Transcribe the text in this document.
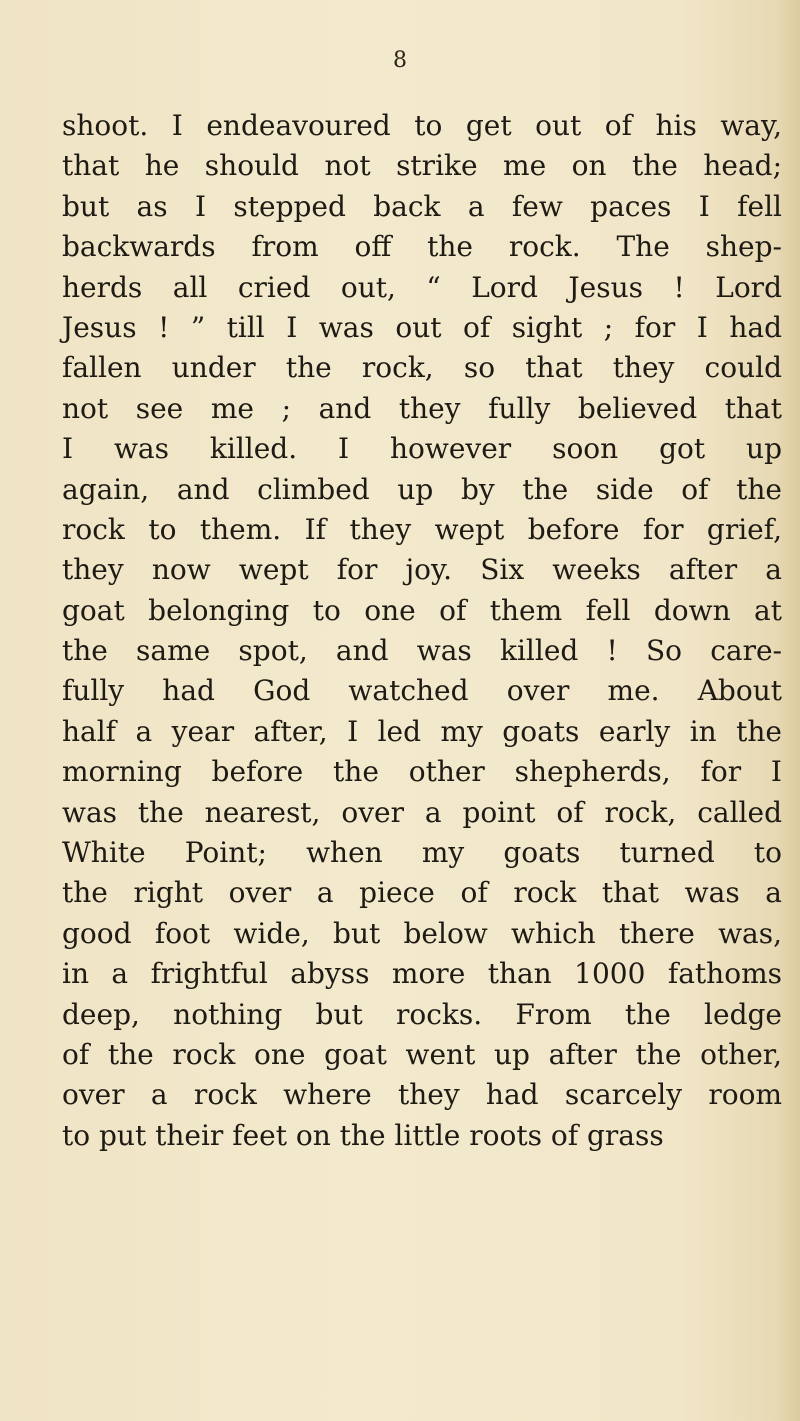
8
shoot. I endeavoured to get out of his way,
that he should not strike me on the head;
but as I stepped back a few paces I fell
backwards from off the rock. The shep-
herds all cried out, “ Lord Jesus ! Lord
Jesus ! ” till I was out of sight ; for I had
fallen under the rock, so that they could
not see me ; and they fully believed that
I was killed. I however soon got up
again, and climbed up by the side of the
rock to them. If they wept before for grief,
they now wept for joy. Six weeks after a
goat belonging to one of them fell down at
the same spot, and was killed ! So care-
fully had God watched over me. About
half a year after, I led my goats early in the
morning before the other shepherds, for I
was the nearest, over a point of rock, called
White Point; when my goats turned to
the right over a piece of rock that was a
good foot wide, but below which there was,
in a frightful abyss more than 1000 fathoms
deep, nothing but rocks. From the ledge
of the rock one goat went up after the other,
over a rock where they had scarcely room
to put their feet on the little roots of grass
